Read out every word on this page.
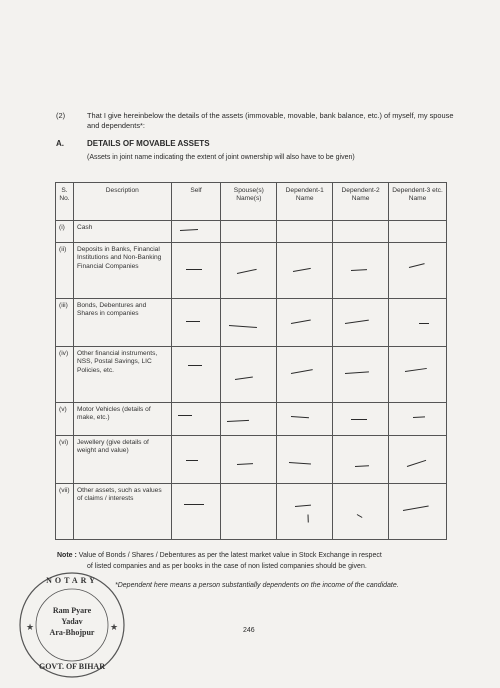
(2)	That I give hereinbelow the details of the assets (immovable, movable, bank balance, etc.) of myself, my spouse and dependents*:
A.	DETAILS OF MOVABLE ASSETS
(Assets in joint name indicating the extent of joint ownership will also have to be given)
S. No.	Description	Self	Spouse(s) Name(s)	Dependent-1 Name	Dependent-2 Name	Dependent-3 etc. Name
(i)	Cash	

(ii)	Deposits in Banks, Financial Institutions and Non-Banking Financial Companies	

(iii)	Bonds, Debentures and Shares in companies	

(iv)	Other financial instruments, NSS, Postal Savings, LIC Policies, etc.	

(v)	Motor Vehicles (details of make, etc.)	

(vi)	Jewellery (give details of weight and value)	

(vii)	Other assets, such as values of claims / interests	

Note : Value of Bonds / Shares / Debentures as per the latest market value in Stock Exchange in respect
of listed companies and as per books in the case of non listed companies should be given.
*Dependent here means a person substantially dependents on the income of the candidate.
246
★	★
NOTARY
Ram Pyare
Yadav
Ara-Bhojpur
GOVT. OF BIHAR
